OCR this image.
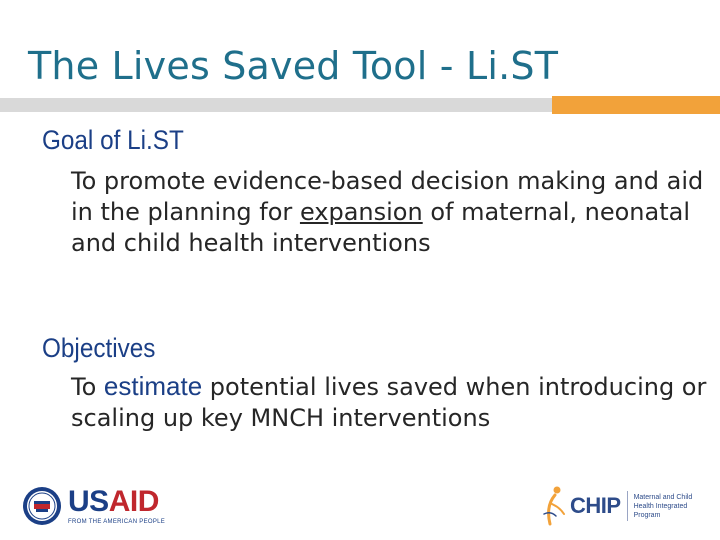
The Lives Saved Tool - Li.ST
Goal of Li.ST
To promote evidence-based decision making and aid in the planning for expansion of maternal, neonatal and child health interventions
Objectives
To estimate potential lives saved when introducing or scaling up key MNCH interventions
USAID
FROM THE AMERICAN PEOPLE
CHIP Maternal and Child Health Integrated Program
